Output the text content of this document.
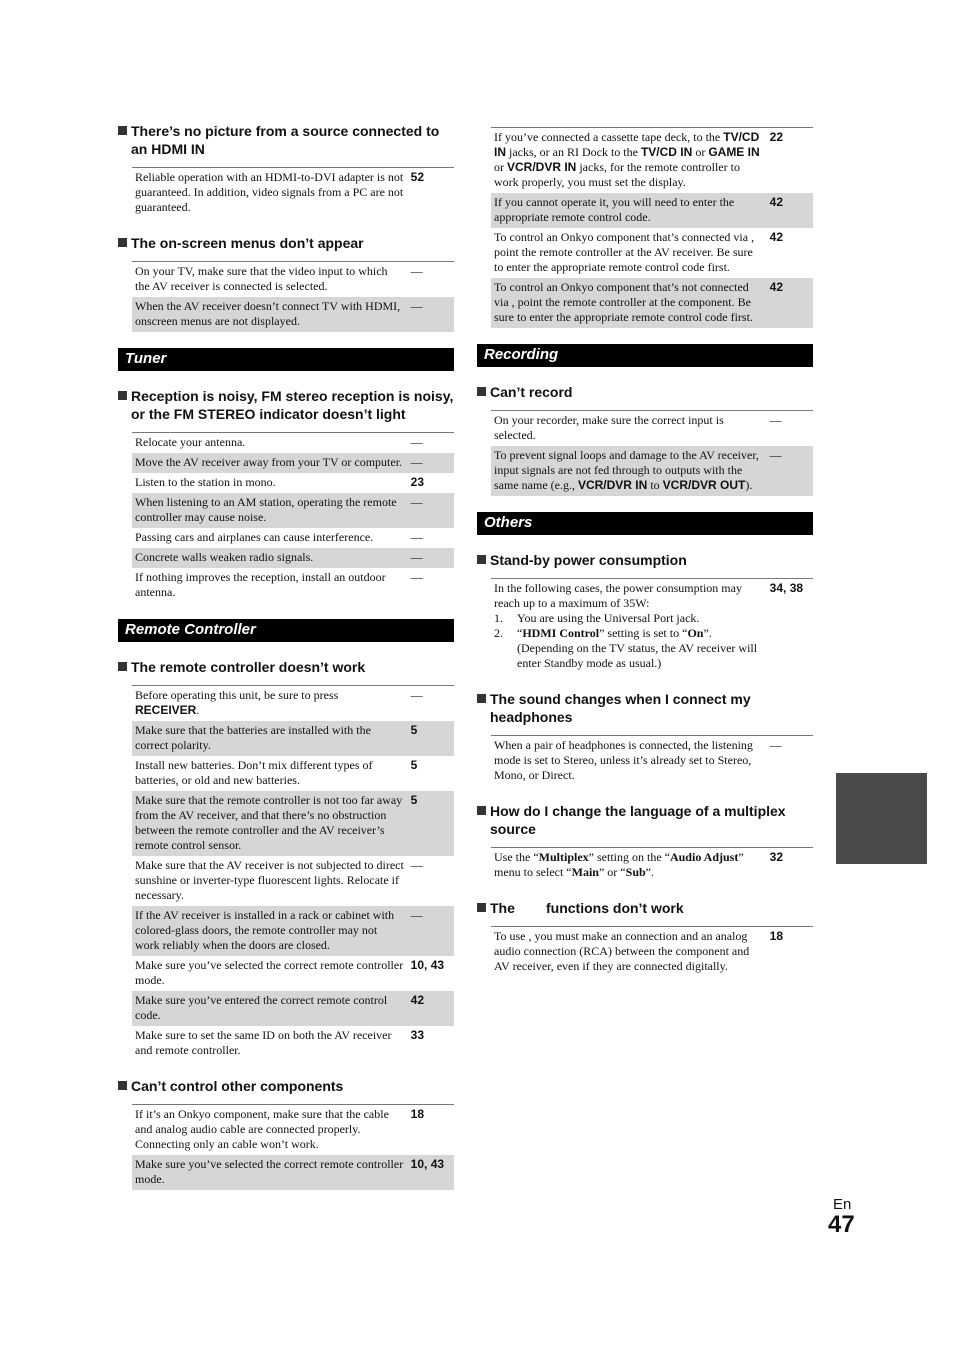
There’s no picture from a source connected to an HDMI IN
Reliable operation with an HDMI-to-DVI adapter is not guaranteed. In addition, video signals from a PC are not guaranteed.
52
The on-screen menus don’t appear
On your TV, make sure that the video input to which the AV receiver is connected is selected.
—
When the AV receiver doesn’t connect TV with HDMI, onscreen menus are not displayed.
—
Tuner
Reception is noisy, FM stereo reception is noisy, or the FM STEREO indicator doesn’t light
Relocate your antenna.	—
Move the AV receiver away from your TV or computer. —
Listen to the station in mono.	23
When listening to an AM station, operating the remote controller may cause noise.
—
Passing cars and airplanes can cause interference.	—
Concrete walls weaken radio signals.	—
If nothing improves the reception, install an outdoor antenna.
—
Remote Controller
The remote controller doesn’t work
Before operating this unit, be sure to press RECEIVER.
—
Make sure that the batteries are installed with the correct polarity.
5
Install new batteries. Don’t mix different types of batteries, or old and new batteries.
5
Make sure that the remote controller is not too far away from the AV receiver, and that there’s no obstruction between the remote controller and the AV receiver’s remote control sensor.
5
Make sure that the AV receiver is not subjected to direct sunshine or inverter-type fluorescent lights. Relocate if necessary.
—
If the AV receiver is installed in a rack or cabinet with colored-glass doors, the remote controller may not work reliably when the doors are closed.
—
Make sure you’ve selected the correct remote controller mode.
10, 43
Make sure you’ve entered the correct remote control code.
42
Make sure to set the same ID on both the AV receiver and remote controller.
33
Can’t control other components
If it’s an Onkyo component, make sure that the cable and analog audio cable are connected properly. Connecting only an cable won’t work.
18
Make sure you’ve selected the correct remote controller mode.
10, 43
If you’ve connected a cassette tape deck, to the TV/CD IN jacks, or an RI Dock to the TV/CD IN or GAME IN or VCR/DVR IN jacks, for the remote controller to work properly, you must set the display.
22
If you cannot operate it, you will need to enter the appropriate remote control code.
42
To control an Onkyo component that’s connected via , point the remote controller at the AV receiver. Be sure to enter the appropriate remote control code first.
42
To control an Onkyo component that’s not connected via , point the remote controller at the component. Be sure to enter the appropriate remote control code first.
42
Recording
Can’t record
On your recorder, make sure the correct input is selected.
—
To prevent signal loops and damage to the AV receiver, input signals are not fed through to outputs with the same name (e.g., VCR/DVR IN to VCR/DVR OUT).
—
Others
Stand-by power consumption
In the following cases, the power consumption may reach up to a maximum of 35W:
1.	You are using the Universal Port jack.
2.	“HDMI Control” setting is set to “On”. (Depending on the TV status, the AV receiver will enter Standby mode as usual.)
34, 38
The sound changes when I connect my headphones
When a pair of headphones is connected, the listening mode is set to Stereo, unless it’s already set to Stereo, Mono, or Direct.
—
How do I change the language of a multiplex source
Use the “Multiplex” setting on the “Audio Adjust” menu to select “Main” or “Sub”.
32
The        functions don’t work
To use , you must make an connection and an analog audio connection (RCA) between the component and AV receiver, even if they are connected digitally.
18
En
47
